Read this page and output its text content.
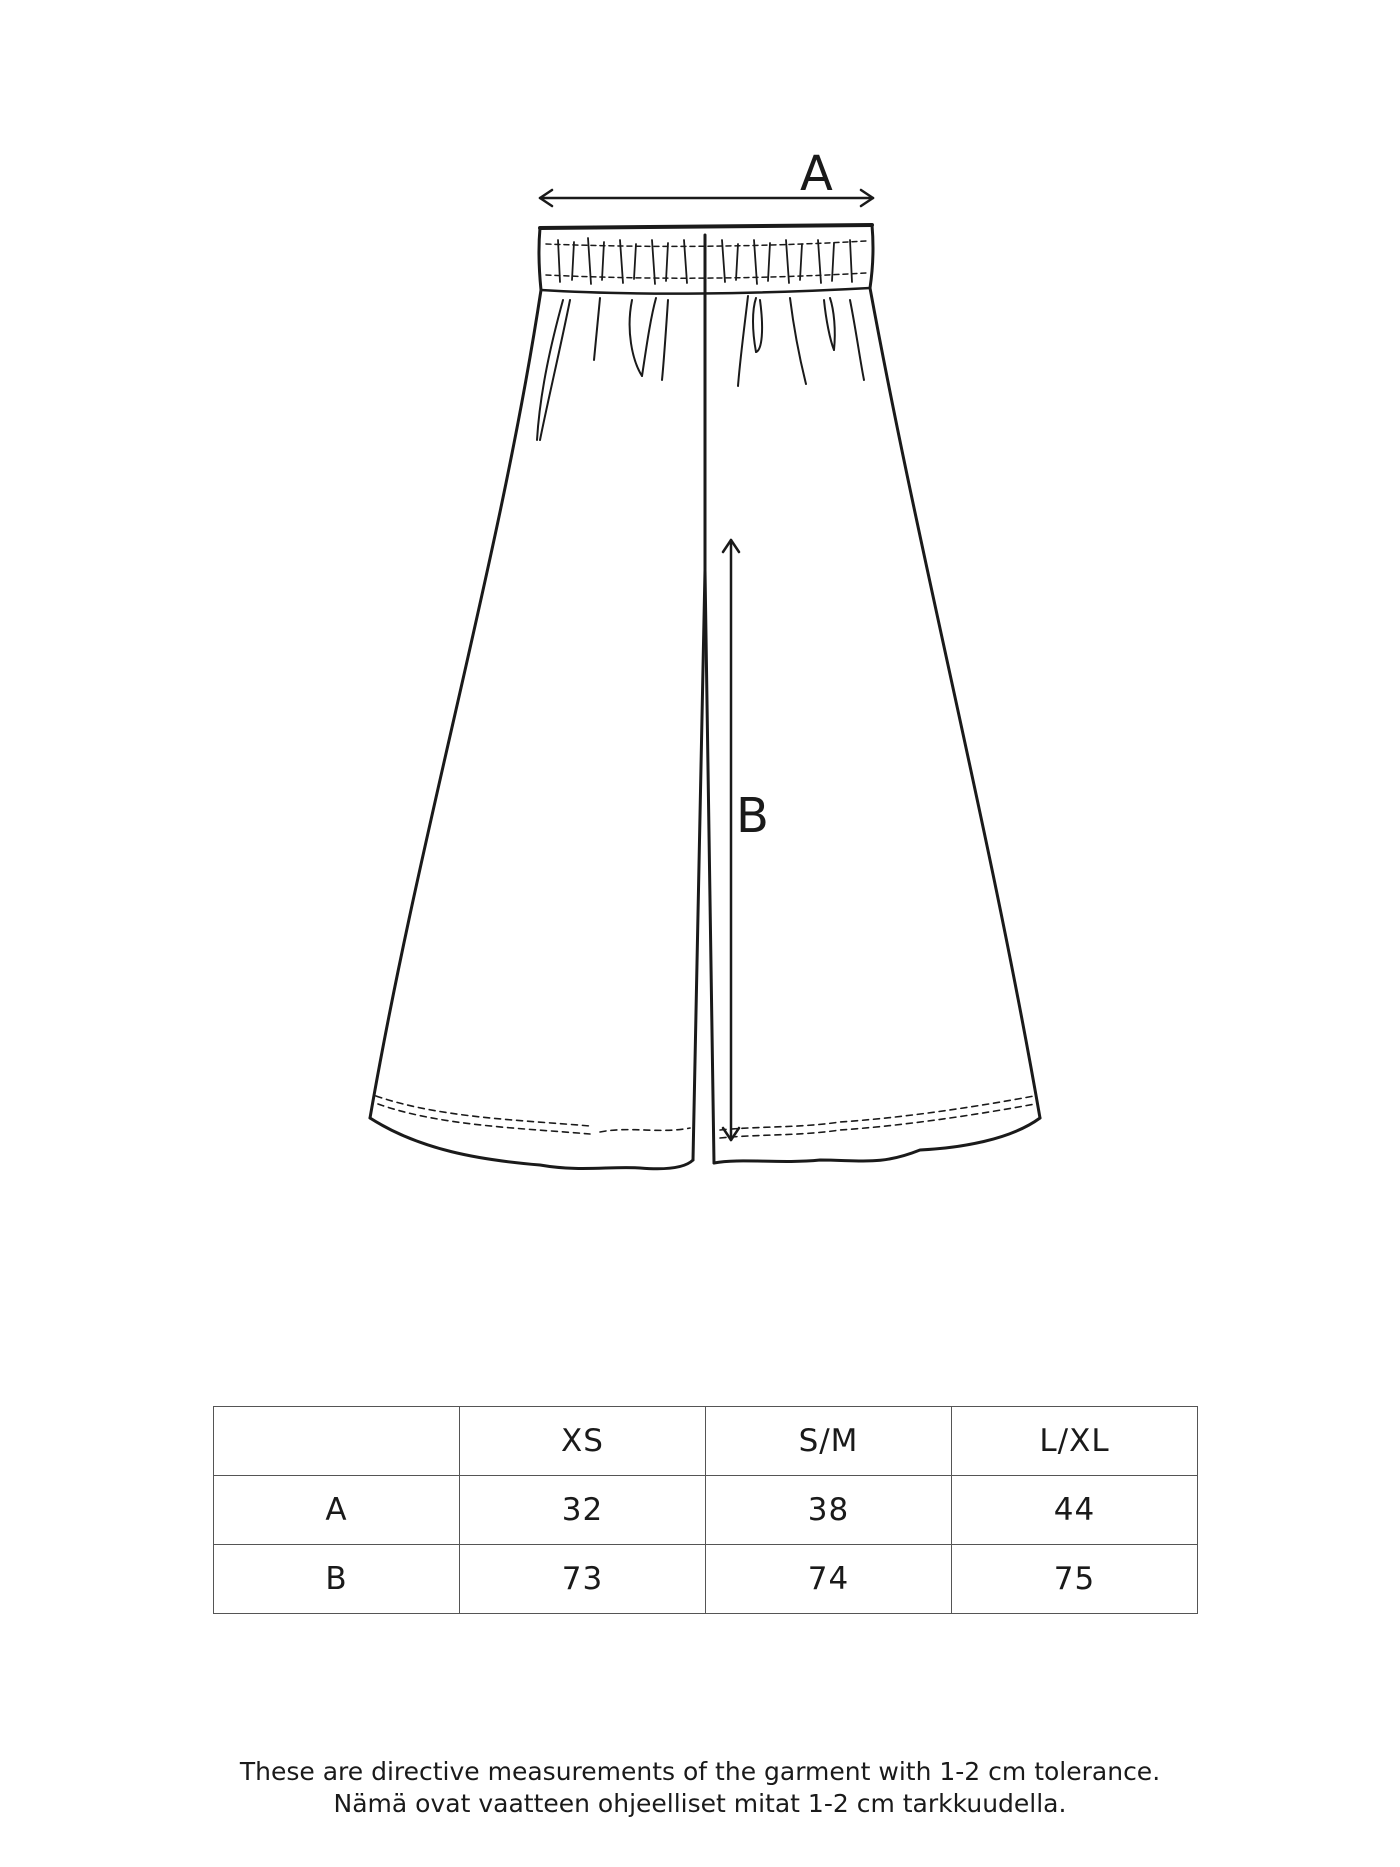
A
B
	XS	S/M	L/XL
A	32	38	44
B	73	74	75
These are directive measurements of the garment with 1-2 cm tolerance.
Nämä ovat vaatteen ohjeelliset mitat 1-2 cm tarkkuudella.
